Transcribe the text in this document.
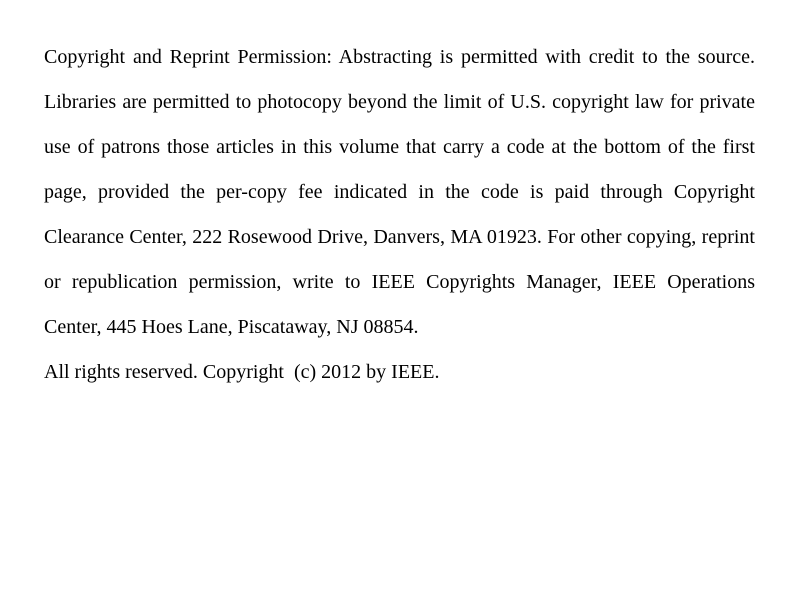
Copyright and Reprint Permission: Abstracting is permitted with credit to the source. Libraries are permitted to photocopy beyond the limit of U.S. copyright law for private use of patrons those articles in this volume that carry a code at the bottom of the first page, provided the per-copy fee indicated in the code is paid through Copyright Clearance Center, 222 Rosewood Drive, Danvers, MA 01923. For other copying, reprint or republication permission, write to IEEE Copyrights Manager, IEEE Operations Center, 445 Hoes Lane, Piscataway, NJ 08854.

All rights reserved. Copyright  (c) 2012 by IEEE.
